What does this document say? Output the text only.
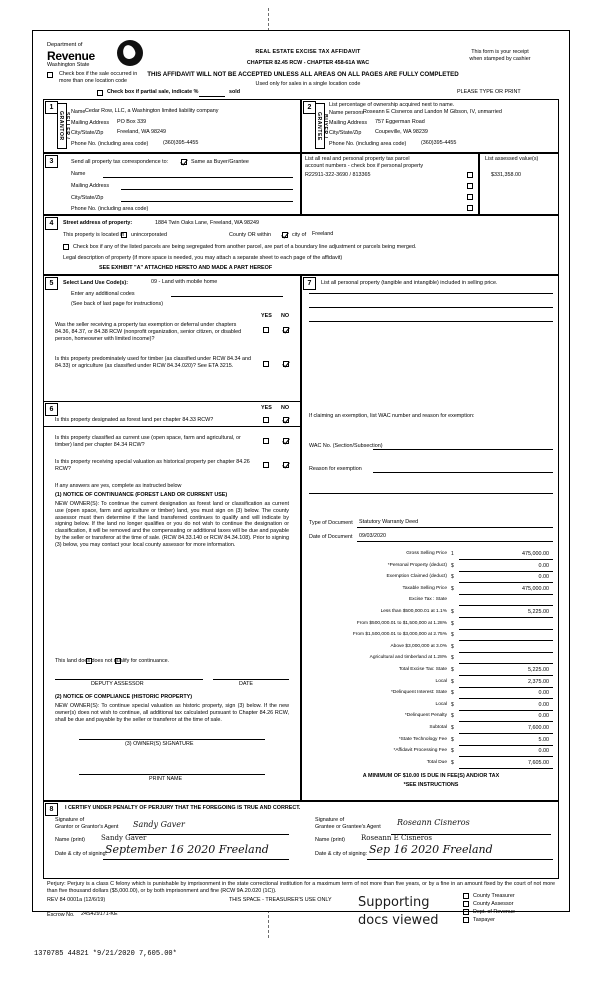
Department of
Revenue
Washington State
REAL ESTATE EXCISE TAX AFFIDAVIT
CHAPTER 82.45 RCW - CHAPTER 458-61A WAC
THIS AFFIDAVIT WILL NOT BE ACCEPTED UNLESS ALL AREAS ON ALL PAGES ARE FULLY COMPLETED
Used only for sales in a single location code
This form is your receipt
when stamped by cashier
PLEASE TYPE OR PRINT
Check box if the sale occurred in
more than one location code
Check box if partial sale, indicate %	sold
1	2
SELLER / GRANTOR	BUYER / GRANTEE
Name Cedar Row, LLC, a Washington limited liability company
Mailing Address PO Box 339
City/State/Zip	Freeland, WA 98249
Phone No. (including area code)	(360)395-4455
List percentage of ownership acquired next to name.
Name persons
Roseann E Cisneros and Landon M Gibson, IV, unmarried
Mailing Address 757 Eggerman Road
City/State/Zip	Coupeville, WA 98239
Phone No. (including area code)	(360)395-4455
3	Send all property tax correspondence to:	Same as Buyer/Grantee
Name
Mailing Address
City/State/Zip
Phone No. (including area code)
List all real and personal property tax parcel
account numbers - check box if personal property
R22911-322-3690 / 813365
List assessed value(s)
$331,358.00
4	Street address of property:	1884 Twin Oaks Lane, Freeland, WA 98249
This property is located in unincorporated	County OR within	city of Freeland
Check box if any of the listed parcels are being segregated from another parcel, are part of a boundary line adjustment or parcels being merged.
Legal description of property (if more space is needed, you may attach a separate sheet to each page of the affidavit)
SEE EXHIBIT "A" ATTACHED HERETO AND MADE A PART HEREOF
5	Select Land Use Code(s):	09 - Land with mobile home
Enter any additional codes
(See back of last page for instructions)
YES NO
Was the seller receiving a property tax exemption or deferral under chapters 84.36, 84.37, or 84.38 RCW (nonprofit organization, senior citizen, or disabled person, homeowner with limited income)?
Is this property predominately used for timber (as classified under RCW 84.34 and 84.33) or agriculture (as classified under RCW 84.34.020)? See ETA 3215.
6	YES NO
Is this property designated as forest land per chapter 84.33 RCW?
Is this property classified as current use (open space, farm and agricultural, or timber) land per chapter 84.34 RCW?
Is this property receiving special valuation as historical property per chapter 84.26 RCW?
If any answers are yes, complete as instructed below
(1) NOTICE OF CONTINUANCE (FOREST LAND OR CURRENT USE)
NEW OWNER(S): To continue the current designation as forest land or classification as current use (open space, farm and agriculture or timber) land, you must sign on (3) below. The county assessor must then determine if the land transferred continues to qualify and will indicate by signing below. If the land no longer qualifies or you do not wish to continue the designation or classification, it will be removed and the compensating or additional taxes will be due and payable by the seller or transferor at the time of sale. (RCW 84.33.140 or RCW 84.34.108). Prior to signing (3) below, you may contact your local county assessor for more information.
This land does does not qualify for continuance.
DEPUTY ASSESSOR	DATE
(2) NOTICE OF COMPLIANCE (HISTORIC PROPERTY)
NEW OWNER(S): To continue special valuation as historic property, sign (3) below. If the new owner(s) does not wish to continue, all additional tax calculated pursuant to Chapter 84.26 RCW, shall be due and payable by the seller or transferor at the time of sale.
(3) OWNER(S) SIGNATURE
PRINT NAME
7	List all personal property (tangible and intangible) included in selling price.
If claiming an exemption, list WAC number and reason for exemption:
WAC No. (Section/Subsection)
Reason for exemption
Type of Document Statutory Warranty Deed
Date of Document 09/03/2020
Gross Selling Price 1	475,000.00
*Personal Property (deduct) $	0.00
Exemption Claimed (deduct) $	0.00
Taxable Selling Price $	475,000.00
Excise Tax : State
Less than $500,000.01 at 1.1% $	5,225.00
From $500,000.01 to $1,500,000 at 1.28% $
From $1,500,000.01 to $3,000,000 at 2.75% $
Above $3,000,000 at 3.0% $
Agricultural and timberland at 1.28% $
Total Excise Tax: State $	5,225.00
Local $	2,375.00
*Delinquent Interest: State $	0.00
Local $	0.00
*Delinquent Penalty $	0.00
Subtotal $	7,600.00
*State Technology Fee $	5.00
*Affidavit Processing Fee $	0.00
Total Due $	7,605.00
A MINIMUM OF $10.00 IS DUE IN FEE(S) AND/OR TAX
*SEE INSTRUCTIONS
8	I CERTIFY UNDER PENALTY OF PERJURY THAT THE FOREGOING IS TRUE AND CORRECT.
Signature of
Grantor or Grantor's Agent Sandy Gaver
Name (print) Sandy Gaver
Date & city of signing:
September 16 2020 Freeland
Signature of
Grantee or Grantee's Agent Roseann Cisneros
Name (print) Roseann E Cisneros
Date & city of signing: Sep 16 2020 Freeland
Perjury: Perjury is a class C felony which is punishable by imprisonment in the state correctional institution for a maximum term of not more than five years, or by a fine in an amount fixed by the court of not more than five thousand dollars ($5,000.00), or by both imprisonment and fine (RCW 9A.20.020 (1C)).
REV 84 0001a (12/6/19)	THIS SPACE - TREASURER'S USE ONLY
County Treasurer
County Assessor
Dept. of Revenue
Taxpayer
Escrow No. 24S429171-KE
Supporting
docs viewed
1370785 44821 *9/21/2020 7,605.00*
